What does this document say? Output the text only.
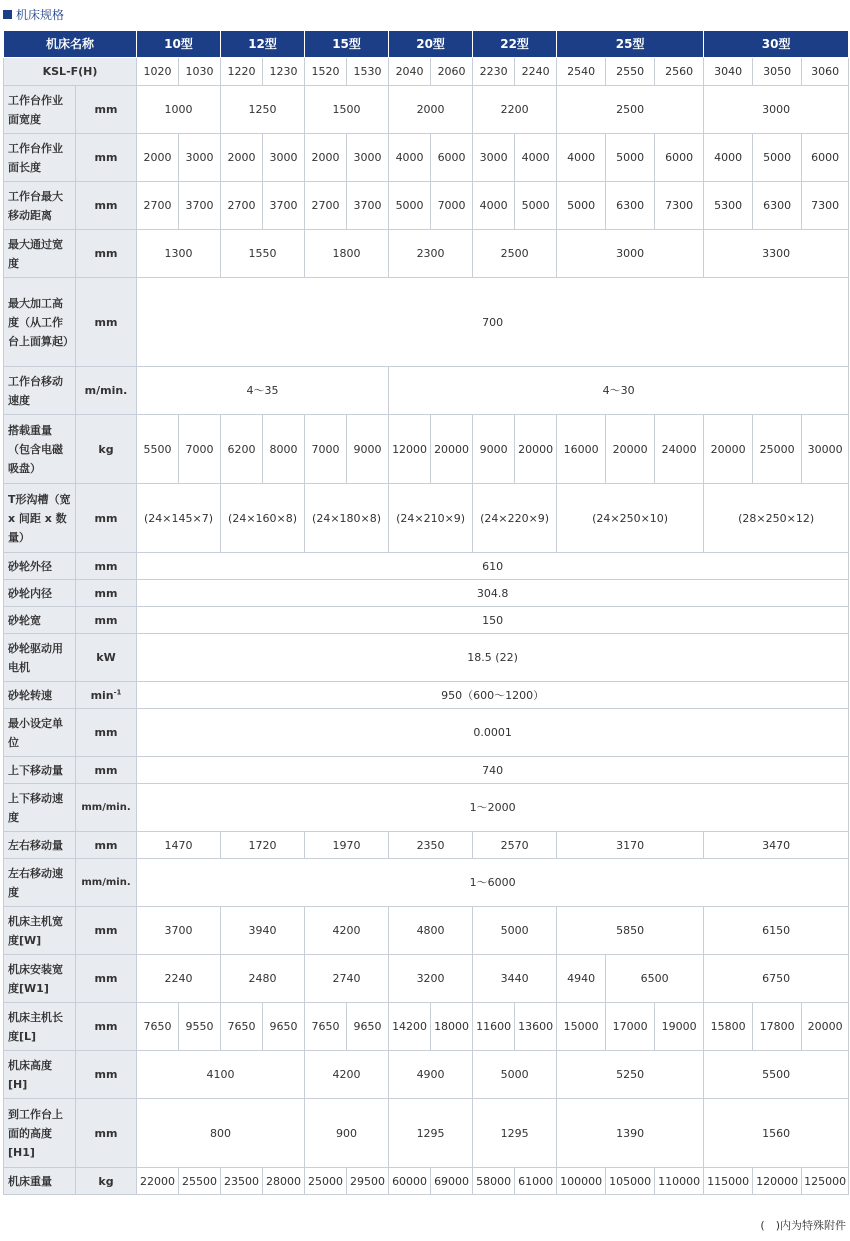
机床规格
机床名称		10型		12型		15型		20型		22型		25型			30型		
KSL-F(H)		1020	1030	1220	1230	1520	1530	2040	2060	2230	2240	2540	2550	2560	3040	3050	3060
工作台作业面宽度	mm	1000		1250		1500		2000		2200		2500			3000		
工作台作业面长度	mm	2000	3000	2000	3000	2000	3000	4000	6000	3000	4000	4000	5000	6000	4000	5000	6000
工作台最大移动距离	mm	2700	3700	2700	3700	2700	3700	5000	7000	4000	5000	5000	6300	7300	5300	6300	7300
最大通过宽度	mm	1300		1550		1800		2300		2500		3000			3300		
最大加工高度（从工作台上面算起）	mm	700															
工作台移动速度	m/min.	4～35						4～30									
搭载重量（包含电磁吸盘）	kg	5500	7000	6200	8000	7000	9000	12000	20000	9000	20000	16000	20000	24000	20000	25000	30000
T形沟槽（宽 x 间距 x 数量）	mm	(24×145×7)		(24×160×8)		(24×180×8)		(24×210×9)		(24×220×9)		(24×250×10)			(28×250×12)		
砂轮外径	mm	610															
砂轮内径	mm	304.8															
砂轮宽	mm	150															
砂轮驱动用电机	kW	18.5 (22)															
砂轮转速	$\min^{-1}$	950（600～1200）															
最小设定单位	mm	0.0001															
上下移动量	mm	740															
上下移动速度	mm/min.	1～2000															
左右移动量	mm	1470		1720		1970		2350		2570		3170			3470		
左右移动速度	mm/min.	1～6000															
机床主机宽度[W]	mm	3700		3940		4200		4800		5000		5850			6150		
机床安装宽度[W1]	mm	2240		2480		2740		3200		3440		4940	6500		6750		
机床主机长度[L]	mm	7650	9550	7650	9650	7650	9650	14200	18000	11600	13600	15000	17000	19000	15800	17800	20000
机床高度[H]	mm	4100				4200		4900		5000		5250			5500		
到工作台上面的高度[H1]	mm	800				900		1295		1295		1390			1560		
机床重量	kg	22000	25500	23500	28000	25000	29500	60000	69000	58000	61000	100000	105000	110000	115000	120000	125000
(　)内为特殊附件
